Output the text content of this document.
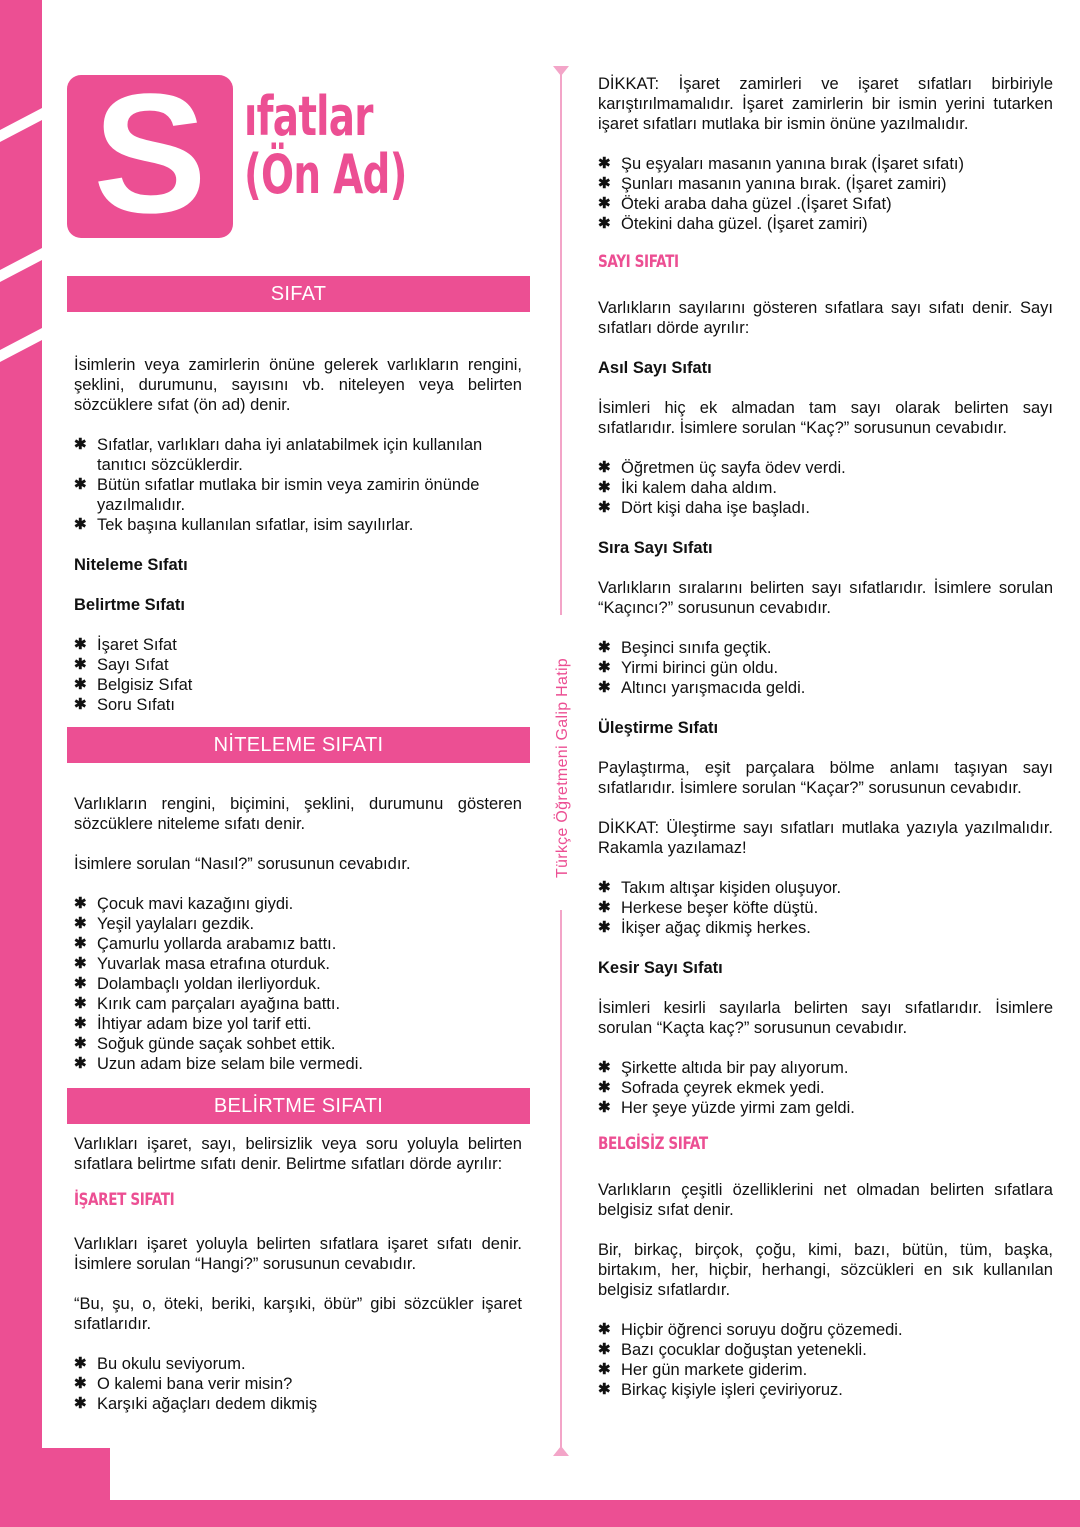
S ıfatlar
(Ön Ad)
Türkçe Öğretmeni Galip Hatip
SIFAT

İsimlerin veya zamirlerin önüne gelerek varlıkların rengini, şeklini, durumunu, sayısını vb. niteleyen veya belirten sözcüklere sıfat (ön ad) denir.

✱ Sıfatlar, varlıkları daha iyi anlatabilmek için kullanılan tanıtıcı sözcüklerdir.
✱ Bütün sıfatlar mutlaka bir ismin veya zamirin önünde yazılmalıdır.
✱ Tek başına kullanılan sıfatlar, isim sayılırlar.

Niteleme Sıfatı

Belirtme Sıfatı

✱ İşaret Sıfat
✱ Sayı Sıfat
✱ Belgisiz Sıfat
✱ Soru Sıfatı
NİTELEME SIFATI

Varlıkların rengini, biçimini, şeklini, durumunu gösteren sözcüklere niteleme sıfatı denir.

İsimlere sorulan “Nasıl?” sorusunun cevabıdır.

✱ Çocuk mavi kazağını giydi.
✱ Yeşil yaylaları gezdik.
✱ Çamurlu yollarda arabamız battı.
✱ Yuvarlak masa etrafına oturduk.
✱ Dolambaçlı yoldan ilerliyorduk.
✱ Kırık cam parçaları ayağına battı.
✱ İhtiyar adam bize yol tarif etti.
✱ Soğuk günde saçak sohbet ettik.
✱ Uzun adam bize selam bile vermedi.
BELİRTME SIFATI

Varlıkları işaret, sayı, belirsizlik veya soru yoluyla belirten sıfatlara belirtme sıfatı denir. Belirtme sıfatları dörde ayrılır:

İŞARET SIFATI

Varlıkları işaret yoluyla belirten sıfatlara işaret sıfatı denir. İsimlere sorulan “Hangi?” sorusunun cevabıdır.

“Bu, şu, o, öteki, beriki, karşıki, öbür” gibi sözcükler işaret sıfatlarıdır.

✱ Bu okulu seviyorum.
✱ O kalemi bana verir misin?
✱ Karşıki ağaçları dedem dikmiş

DİKKAT: İşaret zamirleri ve işaret sıfatları birbiriyle karıştırılmamalıdır. İşaret zamirlerin bir ismin yerini tutarken işaret sıfatları mutlaka bir ismin önüne yazılmalıdır.

✱ Şu eşyaları masanın yanına bırak (İşaret sıfatı)
✱ Şunları masanın yanına bırak. (İşaret zamiri)
✱ Öteki araba daha güzel .(İşaret Sıfat)
✱ Ötekini daha güzel. (İşaret zamiri)
SAYI SIFATI

Varlıkların sayılarını gösteren sıfatlara sayı sıfatı denir. Sayı sıfatları dörde ayrılır:

Asıl Sayı Sıfatı

İsimleri hiç ek almadan tam sayı olarak belirten sayı sıfatlarıdır. İsimlere sorulan “Kaç?” sorusunun cevabıdır.

✱ Öğretmen üç sayfa ödev verdi.
✱ İki kalem daha aldım.
✱ Dört kişi daha işe başladı.

Sıra Sayı Sıfatı

Varlıkların sıralarını belirten sayı sıfatlarıdır. İsimlere sorulan “Kaçıncı?” sorusunun cevabıdır.

✱ Beşinci sınıfa geçtik.
✱ Yirmi birinci gün oldu.
✱ Altıncı yarışmacıda geldi.

Üleştirme Sıfatı

Paylaştırma, eşit parçalara bölme anlamı taşıyan sayı sıfatlarıdır. İsimlere sorulan “Kaçar?” sorusunun cevabıdır.

DİKKAT: Üleştirme sayı sıfatları mutlaka yazıyla yazılmalıdır. Rakamla yazılamaz!

✱ Takım altışar kişiden oluşuyor.
✱ Herkese beşer köfte düştü.
✱ İkişer ağaç dikmiş herkes.

Kesir Sayı Sıfatı

İsimleri kesirli sayılarla belirten sayı sıfatlarıdır. İsimlere sorulan “Kaçta kaç?” sorusunun cevabıdır.

✱ Şirkette altıda bir pay alıyorum.
✱ Sofrada çeyrek ekmek yedi.
✱ Her şeye yüzde yirmi zam geldi.
BELGİSİZ SIFAT

Varlıkların çeşitli özelliklerini net olmadan belirten sıfatlara belgisiz sıfat denir.

Bir, birkaç, birçok, çoğu, kimi, bazı, bütün, tüm, başka, birtakım, her, hiçbir, herhangi, sözcükleri en sık kullanılan belgisiz sıfatlardır.

✱ Hiçbir öğrenci soruyu doğru çözemedi.
✱ Bazı çocuklar doğuştan yetenekli.
✱ Her gün markete giderim.
✱ Birkaç kişiyle işleri çeviriyoruz.
